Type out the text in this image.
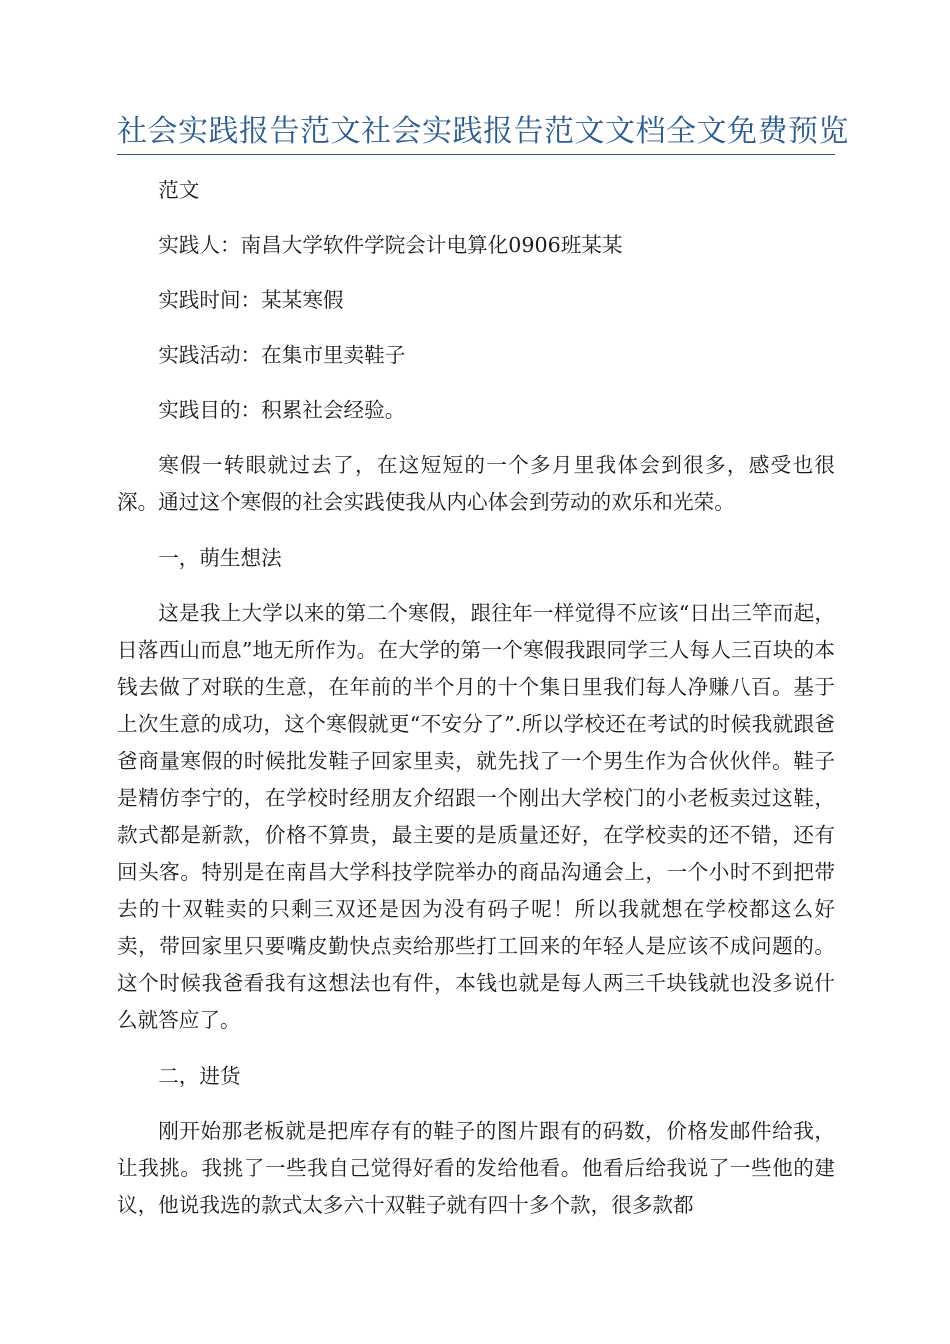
社会实践报告范文社会实践报告范文文档全文免费预览

范文

实践人：南昌大学软件学院会计电算化0906班某某

实践时间：某某寒假

实践活动：在集市里卖鞋子

实践目的：积累社会经验。

寒假一转眼就过去了，在这短短的一个多月里我体会到很多，感受也很深。通过这个寒假的社会实践使我从内心体会到劳动的欢乐和光荣。

一，萌生想法

这是我上大学以来的第二个寒假，跟往年一样觉得不应该“日出三竿而起，日落西山而息”地无所作为。在大学的第一个寒假我跟同学三人每人三百块的本钱去做了对联的生意，在年前的半个月的十个集日里我们每人净赚八百。基于上次生意的成功，这个寒假就更“不安分了”.所以学校还在考试的时候我就跟爸爸商量寒假的时候批发鞋子回家里卖，就先找了一个男生作为合伙伙伴。鞋子是精仿李宁的，在学校时经朋友介绍跟一个刚出大学校门的小老板卖过这鞋，款式都是新款，价格不算贵，最主要的是质量还好，在学校卖的还不错，还有回头客。特别是在南昌大学科技学院举办的商品沟通会上，一个小时不到把带去的十双鞋卖的只剩三双还是因为没有码子呢！所以我就想在学校都这么好卖，带回家里只要嘴皮勤快点卖给那些打工回来的年轻人是应该不成问题的。这个时候我爸看我有这想法也有件，本钱也就是每人两三千块钱就也没多说什么就答应了。

二，进货

刚开始那老板就是把库存有的鞋子的图片跟有的码数，价格发邮件给我，让我挑。我挑了一些我自己觉得好看的发给他看。他看后给我说了一些他的建议，他说我选的款式太多六十双鞋子就有四十多个款，很多款都
